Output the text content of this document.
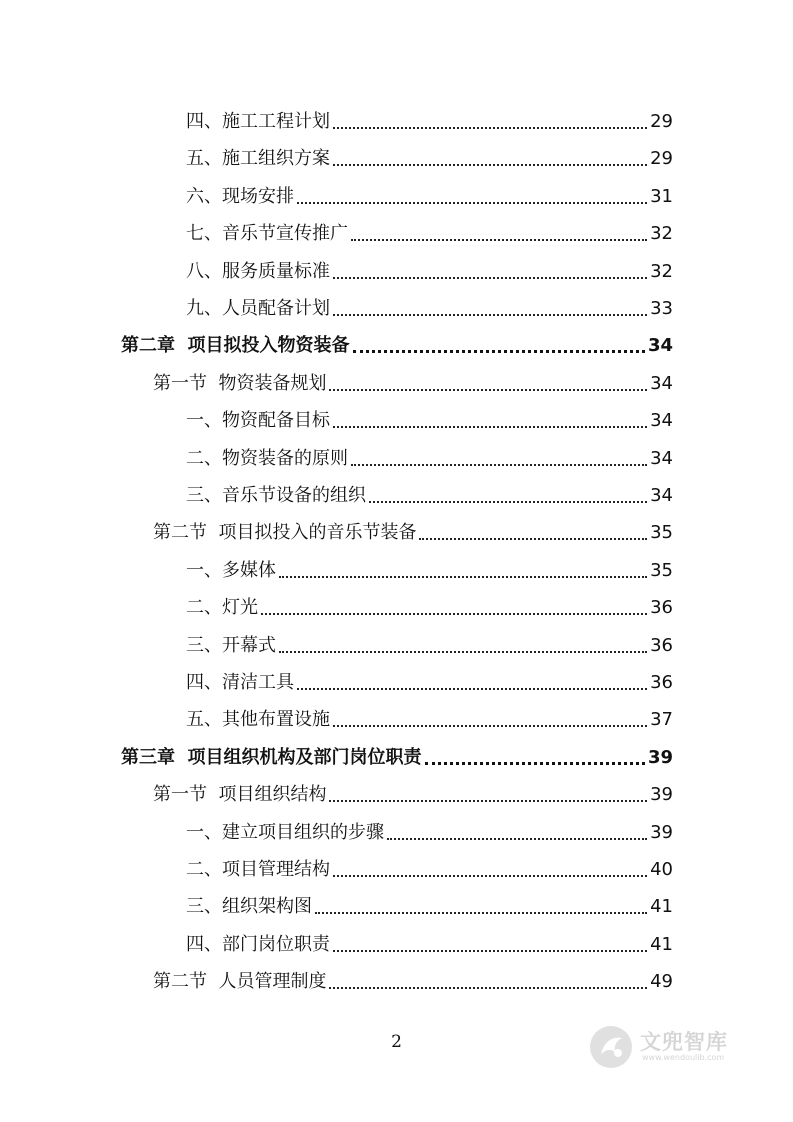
四、 施工工程计划	29
五、 施工组织方案	29
六、 现场安排	31
七、 音乐节宣传推广	32
八、 服务质量标准	32
九、 人员配备计划	33
第二章 项目拟投入物资装备	34
第一节 物资装备规划	34
一、 物资配备目标	34
二、 物资装备的原则	34
三、 音乐节设备的组织	34
第二节 项目拟投入的音乐节装备	35
一、 多媒体	35
二、 灯光	36
三、 开幕式	36
四、 清洁工具	36
五、 其他布置设施	37
第三章 项目组织机构及部门岗位职责	39
第一节 项目组织结构	39
一、 建立项目组织的步骤	39
二、 项目管理结构	40
三、 组织架构图	41
四、 部门岗位职责	41
第二节 人员管理制度	49
2	文兜智库
www.wendoulib.com
